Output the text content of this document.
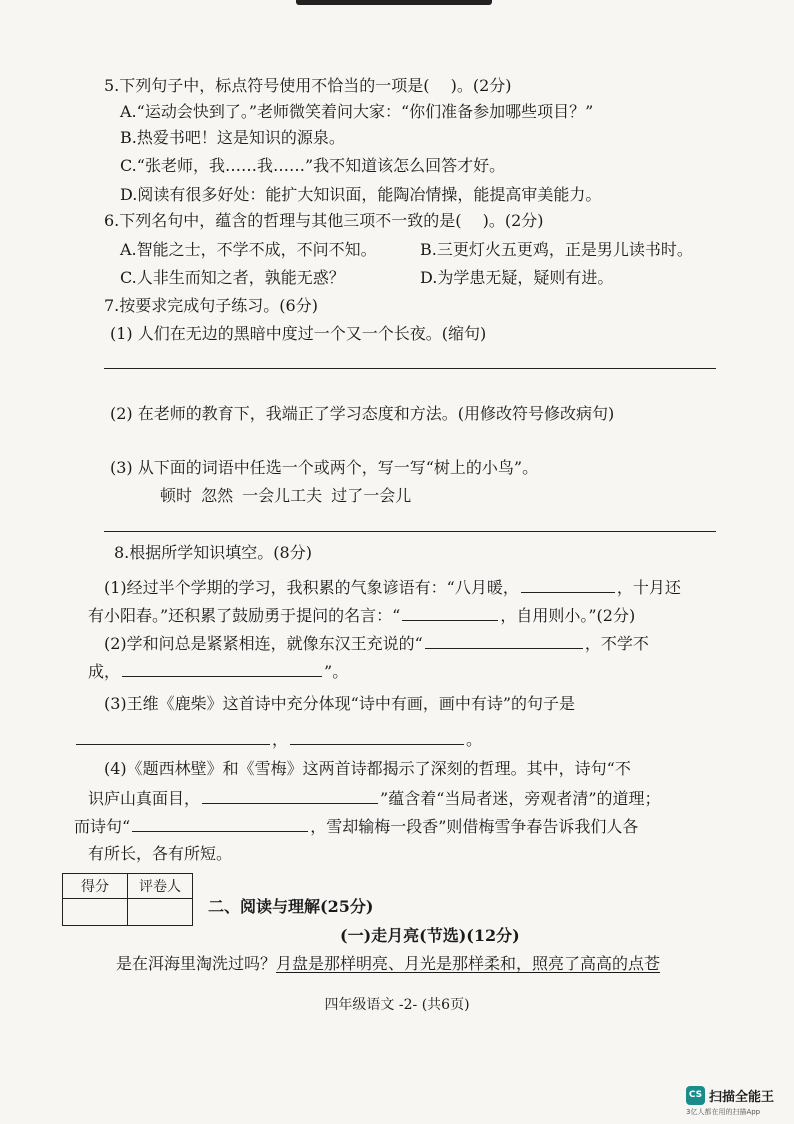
5.下列句子中，标点符号使用不恰当的一项是(　 )。(2分)
A.“运动会快到了。”老师微笑着问大家：“你们准备参加哪些项目？”
B.热爱书吧！这是知识的源泉。
C.“张老师，我……我……”我不知道该怎么回答才好。
D.阅读有很多好处：能扩大知识面，能陶冶情操，能提高审美能力。
6.下列名句中，蕴含的哲理与其他三项不一致的是(　 )。(2分)
A.智能之士，不学不成，不问不知。	B.三更灯火五更鸡，正是男儿读书时。
C.人非生而知之者，孰能无惑？	D.为学患无疑，疑则有进。
7.按要求完成句子练习。(6分)
(1) 人们在无边的黑暗中度过一个又一个长夜。(缩句)
(2) 在老师的教育下，我端正了学习态度和方法。(用修改符号修改病句)
(3) 从下面的词语中任选一个或两个，写一写“树上的小鸟”。
顿时 忽然 一会儿工夫 过了一会儿
8.根据所学知识填空。(8分)
(1)经过半个学期的学习，我积累的气象谚语有：“八月暖，	，十月还
有小阳春。”还积累了鼓励勇于提问的名言：“	，自用则小。”(2分)
(2)学和问总是紧紧相连，就像东汉王充说的“	，不学不
成，	”。
(3)王维《鹿柴》这首诗中充分体现“诗中有画，画中有诗”的句子是
，	。
(4)《题西林壁》和《雪梅》这两首诗都揭示了深刻的哲理。其中，诗句“不
识庐山真面目，	”蕴含着“当局者迷，旁观者清”的道理；
而诗句“	，雪却输梅一段香”则借梅雪争春告诉我们人各
有所长，各有所短。
得分	评卷人

二、阅读与理解(25分)
(一)走月亮(节选)(12分)
是在洱海里淘洗过吗？月盘是那样明亮、月光是那样柔和，照亮了高高的点苍
四年级语文 -2- (共6页)
CS 扫描全能王
3亿人都在用的扫描App
